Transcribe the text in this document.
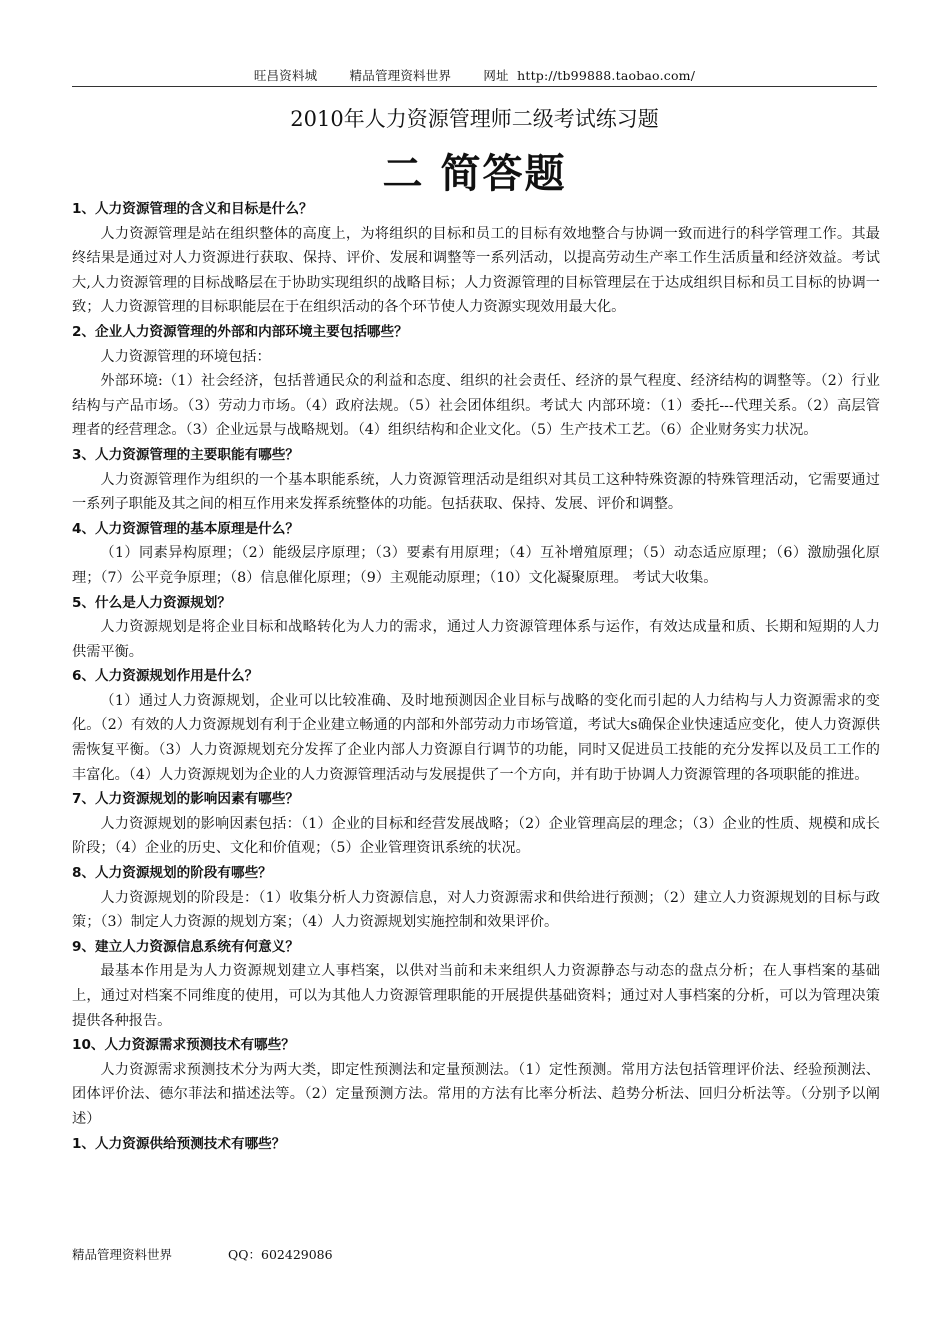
旺昌资料城	精品管理资料世界	网址 http://tb99888.taobao.com/
2010年人力资源管理师二级考试练习题
二 简答题
1、人力资源管理的含义和目标是什么？
人力资源管理是站在组织整体的高度上，为将组织的目标和员工的目标有效地整合与协调一致而进行的科学管理工作。其最终结果是通过对人力资源进行获取、保持、评价、发展和调整等一系列活动，以提高劳动生产率工作生活质量和经济效益。考试大,人力资源管理的目标战略层在于协助实现组织的战略目标；人力资源管理的目标管理层在于达成组织目标和员工目标的协调一致；人力资源管理的目标职能层在于在组织活动的各个环节使人力资源实现效用最大化。
2、企业人力资源管理的外部和内部环境主要包括哪些？
人力资源管理的环境包括：
外部环境:（1）社会经济，包括普通民众的利益和态度、组织的社会责任、经济的景气程度、经济结构的调整等。（2）行业结构与产品市场。（3）劳动力市场。（4）政府法规。（5）社会团体组织。考试大 内部环境：（1）委托---代理关系。（2）高层管理者的经营理念。（3）企业远景与战略规划。（4）组织结构和企业文化。（5）生产技术工艺。（6）企业财务实力状况。
3、人力资源管理的主要职能有哪些？
人力资源管理作为组织的一个基本职能系统，人力资源管理活动是组织对其员工这种特殊资源的特殊管理活动，它需要通过一系列子职能及其之间的相互作用来发挥系统整体的功能。包括获取、保持、发展、评价和调整。
4、人力资源管理的基本原理是什么？
（1）同素异构原理；（2）能级层序原理；（3）要素有用原理；（4）互补增殖原理；（5）动态适应原理；（6）激励强化原理；（7）公平竞争原理；（8）信息催化原理；（9）主观能动原理；（10）文化凝聚原理。 考试大收集。
5、什么是人力资源规划？
人力资源规划是将企业目标和战略转化为人力的需求，通过人力资源管理体系与运作，有效达成量和质、长期和短期的人力供需平衡。
6、人力资源规划作用是什么？
（1）通过人力资源规划，企业可以比较准确、及时地预测因企业目标与战略的变化而引起的人力结构与人力资源需求的变化。（2）有效的人力资源规划有利于企业建立畅通的内部和外部劳动力市场管道，考试大s确保企业快速适应变化，使人力资源供需恢复平衡。（3）人力资源规划充分发挥了企业内部人力资源自行调节的功能，同时又促进员工技能的充分发挥以及员工工作的丰富化。（4）人力资源规划为企业的人力资源管理活动与发展提供了一个方向，并有助于协调人力资源管理的各项职能的推进。
7、人力资源规划的影响因素有哪些？
人力资源规划的影响因素包括：（1）企业的目标和经营发展战略；（2）企业管理高层的理念；（3）企业的性质、规模和成长阶段；（4）企业的历史、文化和价值观；（5）企业管理资讯系统的状况。
8、人力资源规划的阶段有哪些？
人力资源规划的阶段是：（1）收集分析人力资源信息，对人力资源需求和供给进行预测；（2）建立人力资源规划的目标与政策；（3）制定人力资源的规划方案；（4）人力资源规划实施控制和效果评价。
9、建立人力资源信息系统有何意义？
最基本作用是为人力资源规划建立人事档案，以供对当前和未来组织人力资源静态与动态的盘点分析；在人事档案的基础上，通过对档案不同维度的使用，可以为其他人力资源管理职能的开展提供基础资料；通过对人事档案的分析，可以为管理决策提供各种报告。
10、人力资源需求预测技术有哪些？
人力资源需求预测技术分为两大类，即定性预测法和定量预测法。（1）定性预测。常用方法包括管理评价法、经验预测法、团体评价法、德尔菲法和描述法等。（2）定量预测方法。常用的方法有比率分析法、趋势分析法、回归分析法等。（分别予以阐述）
1、人力资源供给预测技术有哪些？
精品管理资料世界	QQ：602429086
